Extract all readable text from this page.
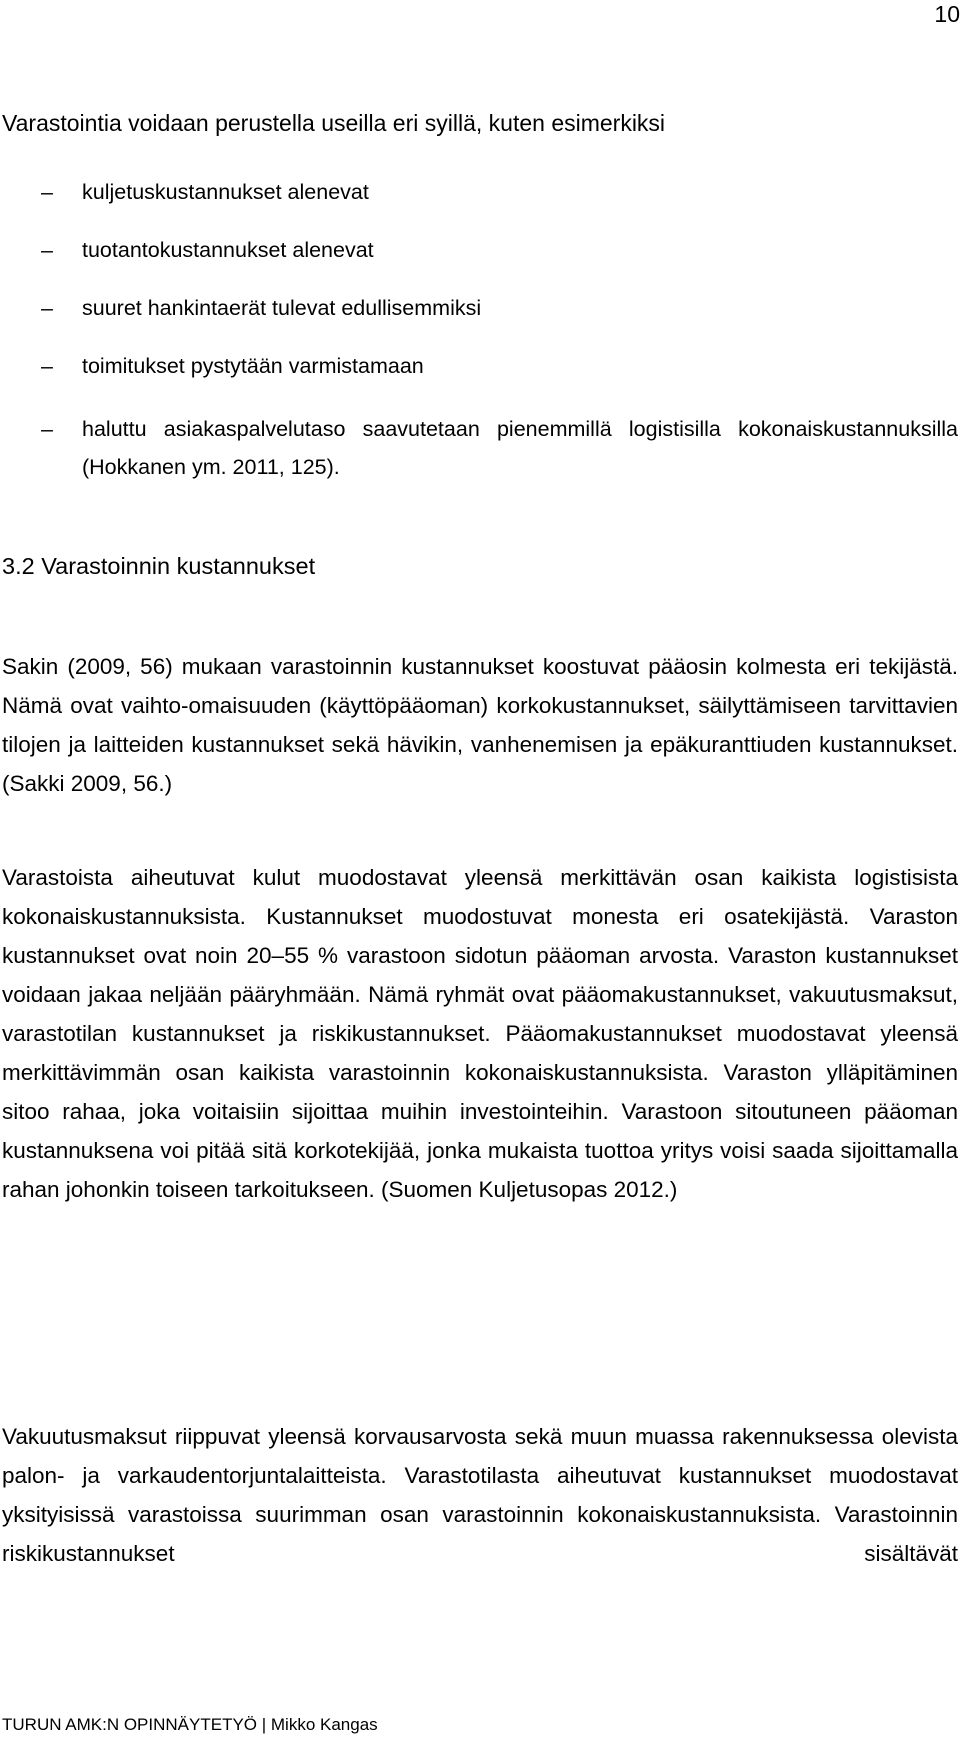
10

Varastointia voidaan perustella useilla eri syillä, kuten esimerkiksi

– kuljetuskustannukset alenevat
– tuotantokustannukset alenevat
– suuret hankintaerät tulevat edullisemmiksi
– toimitukset pystytään varmistamaan
– haluttu asiakaspalvelutaso saavutetaan pienemmillä logistisilla kokonaiskustannuksilla (Hokkanen ym. 2011, 125).
3.2 Varastoinnin kustannukset

Sakin (2009, 56) mukaan varastoinnin kustannukset koostuvat pääosin kolmesta eri tekijästä. Nämä ovat vaihto-omaisuuden (käyttöpääoman) korkokustannukset, säilyttämiseen tarvittavien tilojen ja laitteiden kustannukset sekä hävikin, vanhenemisen ja epäkuranttiuden kustannukset. (Sakki 2009, 56.)

Varastoista aiheutuvat kulut muodostavat yleensä merkittävän osan kaikista logistisista kokonaiskustannuksista. Kustannukset muodostuvat monesta eri osatekijästä. Varaston kustannukset ovat noin 20–55 % varastoon sidotun pääoman arvosta. Varaston kustannukset voidaan jakaa neljään pääryhmään. Nämä ryhmät ovat pääomakustannukset, vakuutusmaksut, varastotilan kustannukset ja riskikustannukset. Pääomakustannukset muodostavat yleensä merkittävimmän osan kaikista varastoinnin kokonaiskustannuksista. Varaston ylläpitäminen sitoo rahaa, joka voitaisiin sijoittaa muihin investointeihin. Varastoon sitoutuneen pääoman kustannuksena voi pitää sitä korkotekijää, jonka mukaista tuottoa yritys voisi saada sijoittamalla rahan johonkin toiseen tarkoitukseen. (Suomen Kuljetusopas 2012.)

Vakuutusmaksut riippuvat yleensä korvausarvosta sekä muun muassa rakennuksessa olevista palon- ja varkaudentorjuntalaitteista. Varastotilasta aiheutuvat kustannukset muodostavat yksityisissä varastoissa suurimman osan varastoinnin kokonaiskustannuksista. Varastoinnin riskikustannukset sisältävät

TURUN AMK:N OPINNÄYTETYÖ | Mikko Kangas
